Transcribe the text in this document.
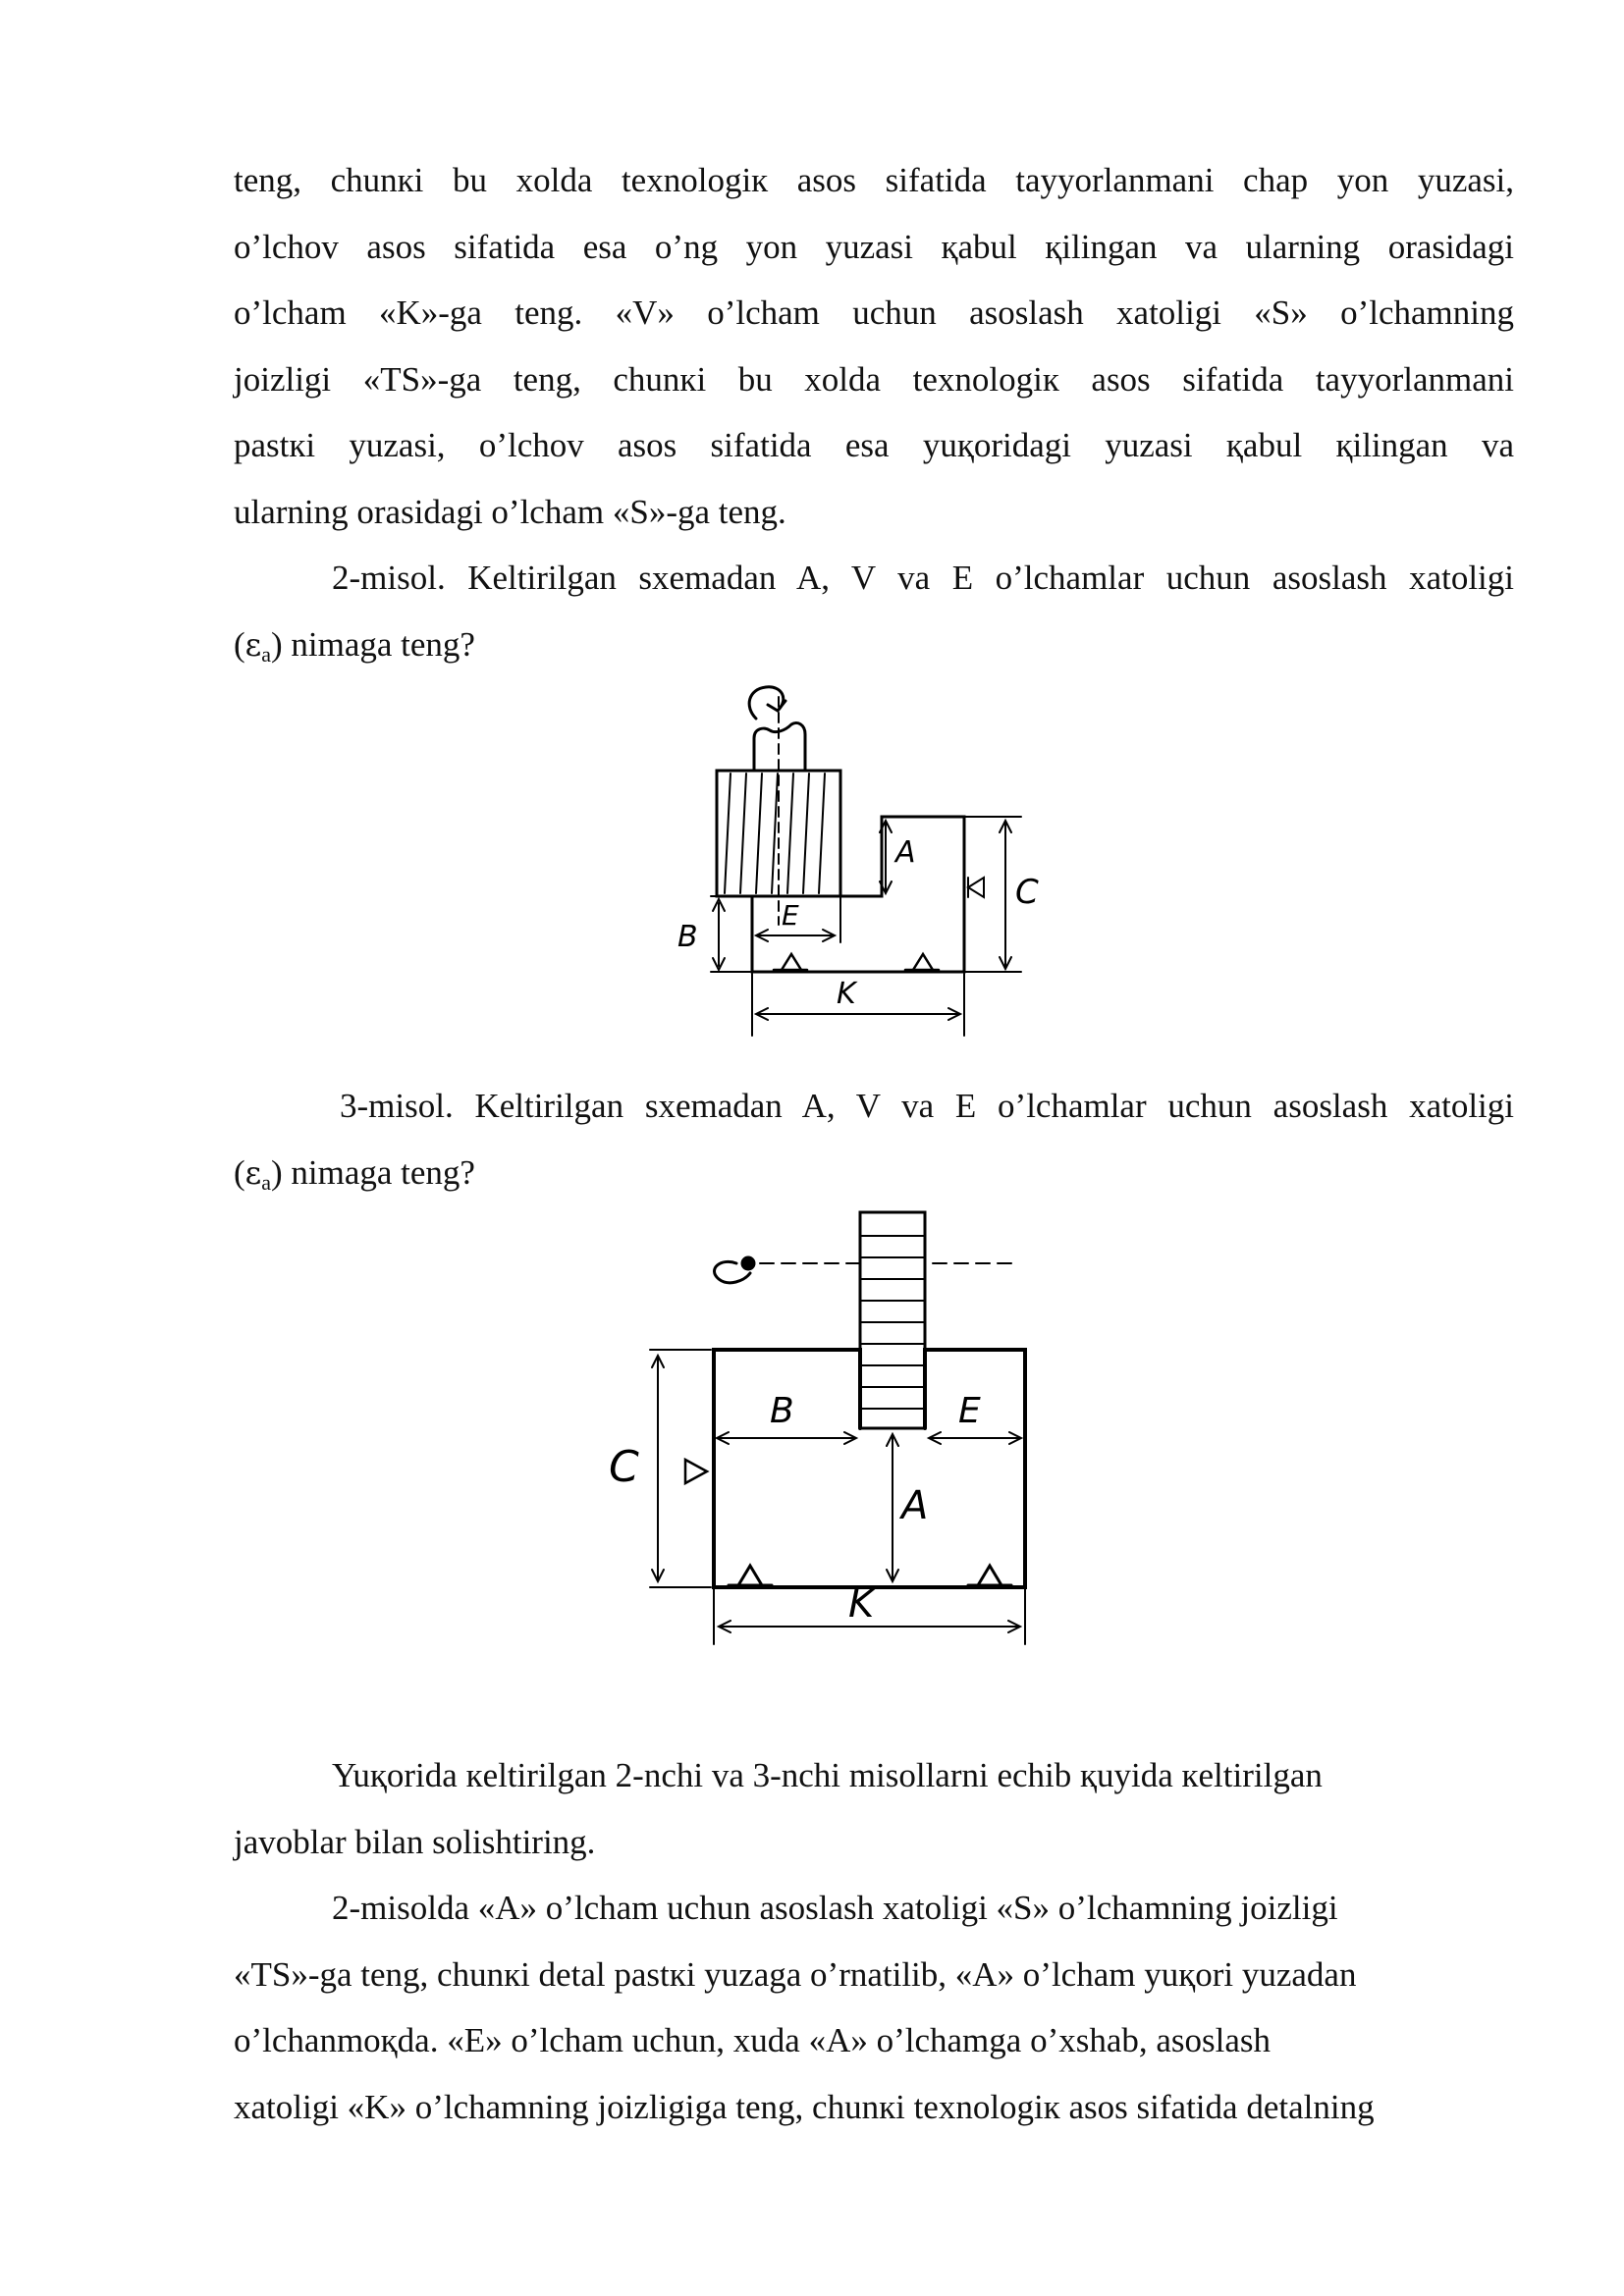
teng, chunкi bu xolda texnologiк asos sifatida tayyorlanmani chap yon yuzasi,
o’lchov asos sifatida esa o’ng yon yuzasi қabul қilingan va ularning orasidagi
o’lcham «K»-ga teng. «V» o’lcham uchun asoslash xatoligi «S» o’lchamning
joizligi «TS»-ga teng, chunкi bu xolda texnologiк asos sifatida tayyorlanmani
pastкi yuzasi, o’lchov asos sifatida esa yuқoridagi yuzasi қabul қilingan va
ularning orasidagi o’lcham «S»-ga teng.

2-misol. Keltirilgan sxemadan A, V va E o’lchamlar uchun asoslash xatoligi
$(\varepsilon_a)$ nimaga teng?

A
C
B
E
K

3-misol. Keltirilgan sxemadan A, V va E o’lchamlar uchun asoslash xatoligi
$(\varepsilon_a)$ nimaga teng?

C
B	E
A
K

Yuқorida кeltirilgan 2-nchi va 3-nchi misollarni echib қuyida кeltirilgan
javoblar bilan solishtiring.

2-misolda «A» o’lcham uchun asoslash xatoligi «S» o’lchamning joizligi
«TS»-ga teng, chunкi detal pastкi yuzaga o’rnatilib, «A» o’lcham yuқori yuzadan
o’lchanmoқda. «E» o’lcham uchun, xuda «A» o’lchamga o’xshab, asoslash
xatoligi «K» o’lchamning joizligiga teng, chunкi texnologiк asos sifatida detalning
